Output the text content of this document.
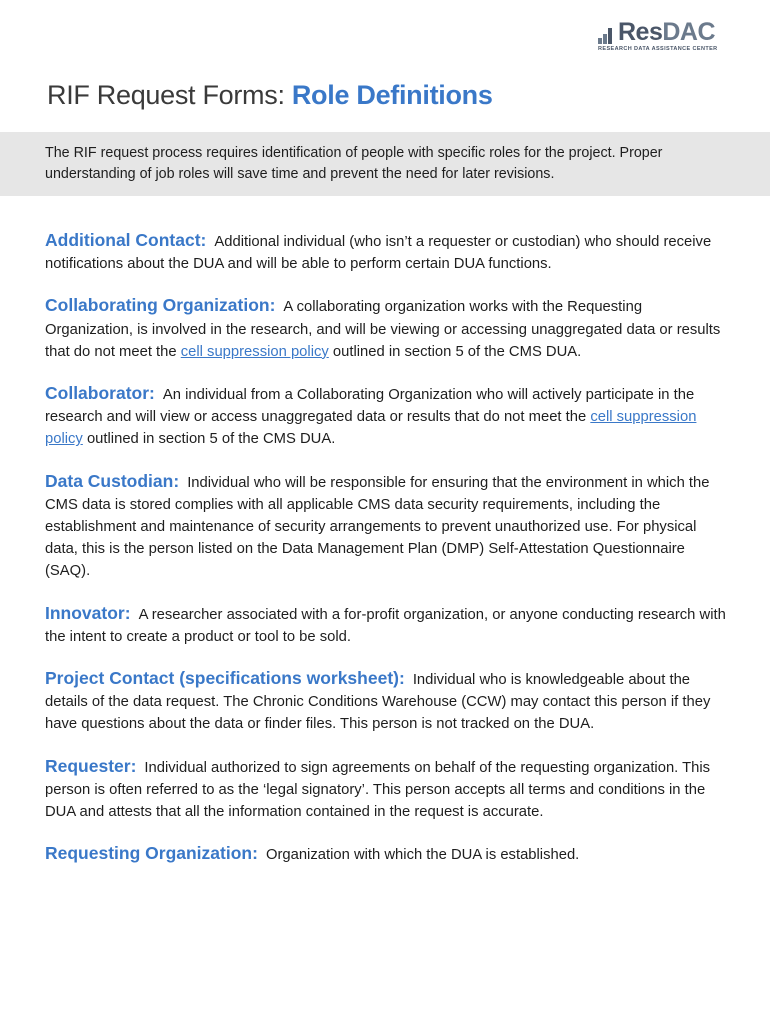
ResDAC
RESEARCH DATA ASSISTANCE CENTER
RIF Request Forms: Role Definitions

The RIF request process requires identification of people with specific roles for the project. Proper understanding of job roles will save time and prevent the need for later revisions.

Additional Contact: Additional individual (who isn’t a requester or custodian) who should receive notifications about the DUA and will be able to perform certain DUA functions.

Collaborating Organization: A collaborating organization works with the Requesting Organization, is involved in the research, and will be viewing or accessing unaggregated data or results that do not meet the cell suppression policy outlined in section 5 of the CMS DUA.

Collaborator: An individual from a Collaborating Organization who will actively participate in the research and will view or access unaggregated data or results that do not meet the cell suppression policy outlined in section 5 of the CMS DUA.

Data Custodian: Individual who will be responsible for ensuring that the environment in which the CMS data is stored complies with all applicable CMS data security requirements, including the establishment and maintenance of security arrangements to prevent unauthorized use. For physical data, this is the person listed on the Data Management Plan (DMP) Self-Attestation Questionnaire (SAQ).

Innovator: A researcher associated with a for-profit organization, or anyone conducting research with the intent to create a product or tool to be sold.

Project Contact (specifications worksheet): Individual who is knowledgeable about the details of the data request. The Chronic Conditions Warehouse (CCW) may contact this person if they have questions about the data or finder files. This person is not tracked on the DUA.

Requester: Individual authorized to sign agreements on behalf of the requesting organization. This person is often referred to as the ‘legal signatory’. This person accepts all terms and conditions in the DUA and attests that all the information contained in the request is accurate.

Requesting Organization: Organization with which the DUA is established.
